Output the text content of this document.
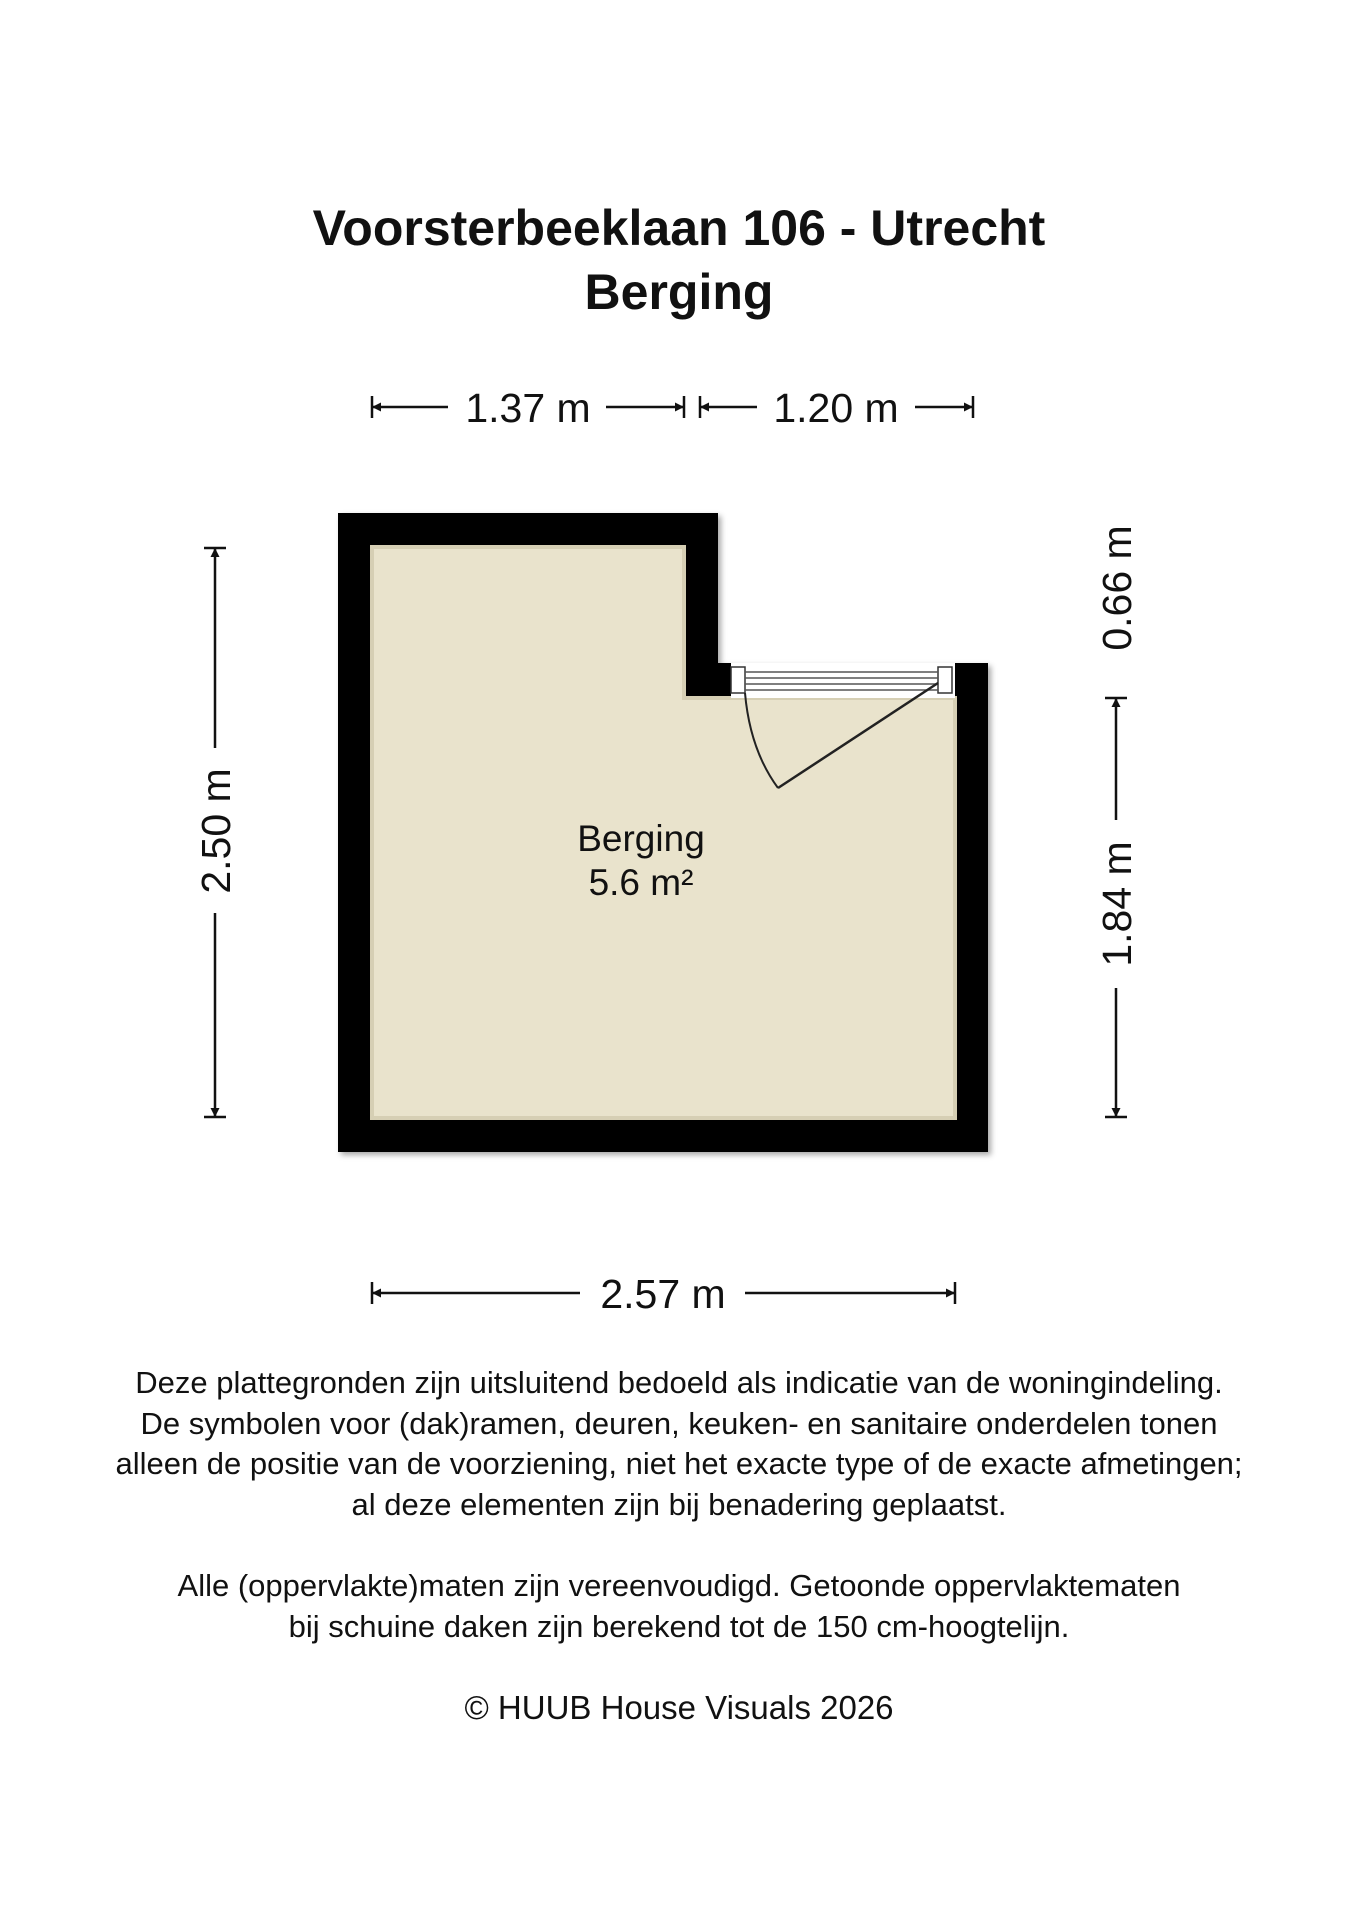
Voorsterbeeklaan 106 - Utrecht
Berging
Berging
5.6 m²
1.37 m	1.20 m
2.50 m
0.66 m
1.84 m
2.57 m
Deze plattegronden zijn uitsluitend bedoeld als indicatie van de woningindeling.
De symbolen voor (dak)ramen, deuren, keuken- en sanitaire onderdelen tonen
alleen de positie van de voorziening, niet het exacte type of de exacte afmetingen;
al deze elementen zijn bij benadering geplaatst.
Alle (oppervlakte)maten zijn vereenvoudigd. Getoonde oppervlaktematen
bij schuine daken zijn berekend tot de 150 cm-hoogtelijn.

© HUUB House Visuals 2026
